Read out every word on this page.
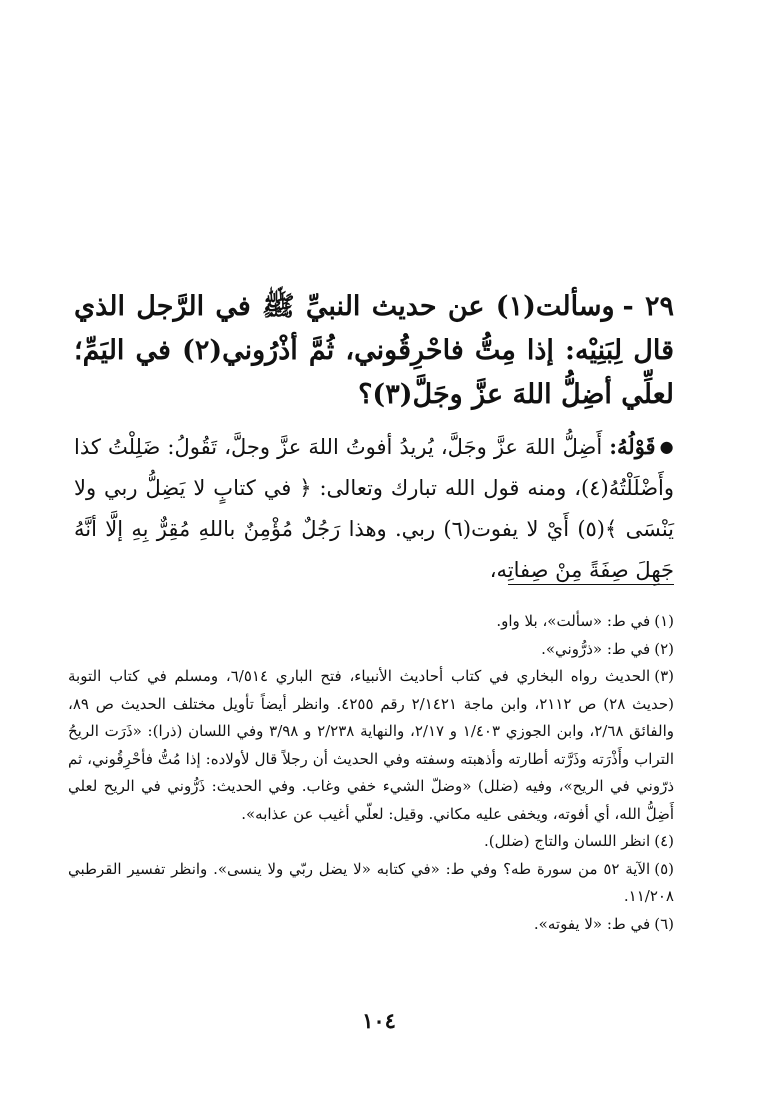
٢٩ -وسألت(١) عن حديث النبيِّ ﷺ في الرَّجل الذي قال لِبَنِيْه: إذا مِتُّ فاحْرِقُوني، ثُمَّ أذْرُوني(٢) في اليَمِّ؛ لعلِّي أضِلُّ اللهَ عزَّ وجَلَّ(٣)؟
●قَوْلُهُ: أَضِلُّ اللهَ عزَّ وجَلَّ، يُريدُ أفوتُ اللهَ عزَّ وجلَّ، تَقُولُ: ضَلِلْتُ كذا وأَضْلَلْتُهُ(٤)، ومنه قول الله تبارك وتعالى: ﴿ في كتابٍ لا يَضِلُّ ربي ولا يَنْسَى ﴾(٥) أَيْ لا يفوت(٦) ربي. وهذا رَجُلٌ مُؤْمِنٌ باللهِ مُقِرٌّ بِهِ إلَّا أنَّهُ جَهِلَ صِفَةً مِنْ صِفاتِه،
(١)في ط: «سألت»، بلا واو.
(٢)في ط: «ذرُّوني».
(٣)الحديث رواه البخاري في كتاب أحاديث الأنبياء، فتح الباري ٦/٥١٤، ومسلم في كتاب التوبة (حديث ٢٨) ص ٢١١٢، وابن ماجة ٢/١٤٢١ رقم ٤٢٥٥. وانظر أيضاً تأويل مختلف الحديث ص ٨٩، والفائق ٢/٦٨، وابن الجوزي ١/٤٠٣ و ٢/١٧، والنهاية ٢/٢٣٨ و ٣/٩٨ وفي اللسان (ذرا): «ذَرَت الريحُ التراب وأَذْرَته وذَرَّته أطارته وأذهبته وسفته وفي الحديث أن رجلاً قال لأولاده: إذا مُتُّ فأحْرِقُوني، ثم ذرّوني في الريح»، وفيه (ضلل) «وضلّ الشيء خفي وغاب. وفي الحديث: ذَرُّوني في الريح لعلي أَضِلُّ الله، أي أفوته، ويخفى عليه مكاني. وقيل: لعلّي أغيب عن عذابه».
(٤)انظر اللسان والتاج (ضلل).
(٥)الآية ٥٢ من سورة طه؟ وفي ط: «في كتابه «لا يضل ربّي ولا ينسى». وانظر تفسير القرطبي ١١/٢٠٨.
(٦)في ط: «لا يفوته».
١٠٤
